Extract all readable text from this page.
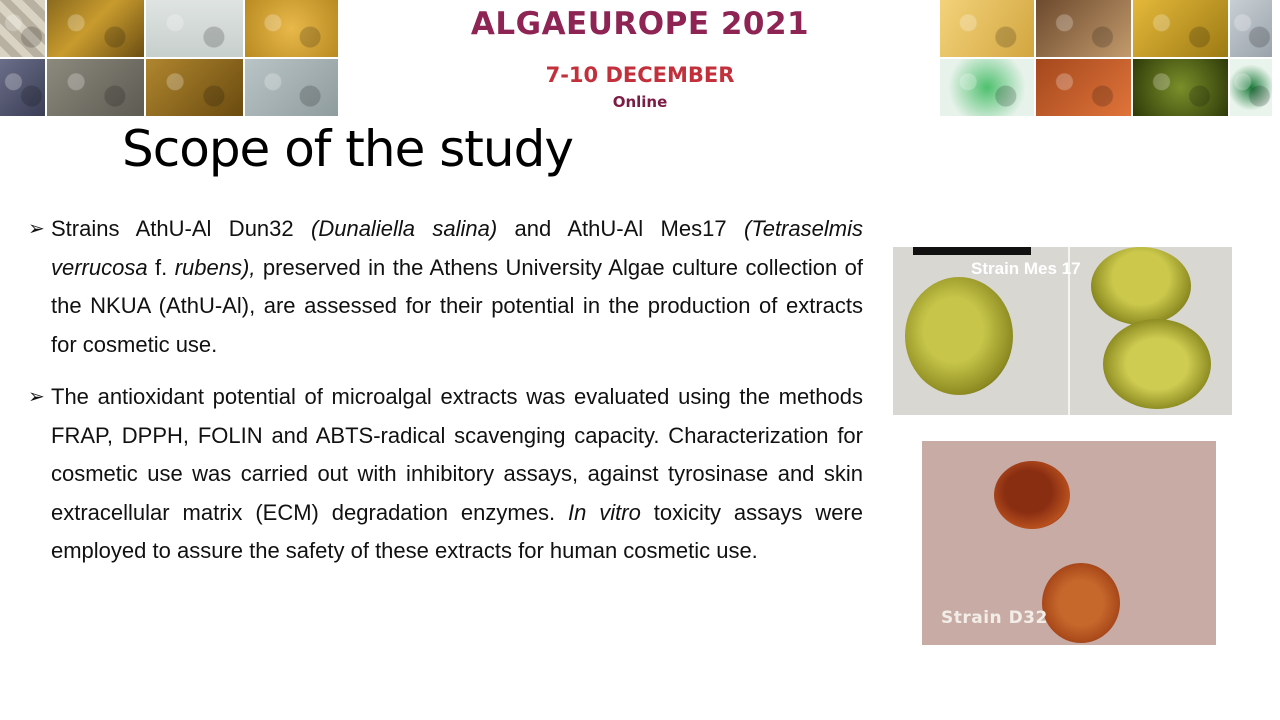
ALGAEUROPE 2021
7-10 DECEMBER
Online
Scope of the study
➢ Strains AthU-Al Dun32 (Dunaliella salina) and AthU-Al Mes17 (Tetraselmis verrucosa f. rubens), preserved in the Athens University Algae culture collection of the NKUA (AthU-Al), are assessed for their potential in the production of extracts for cosmetic use.
➢ The antioxidant potential of microalgal extracts was evaluated using the methods FRAP, DPPH, FOLIN and ABTS-radical scavenging capacity. Characterization for cosmetic use was carried out with inhibitory assays, against tyrosinase and skin extracellular matrix (ECM) degradation enzymes. In vitro toxicity assays were employed to assure the safety of these extracts for human cosmetic use.
Strain Mes 17
Strain D32
